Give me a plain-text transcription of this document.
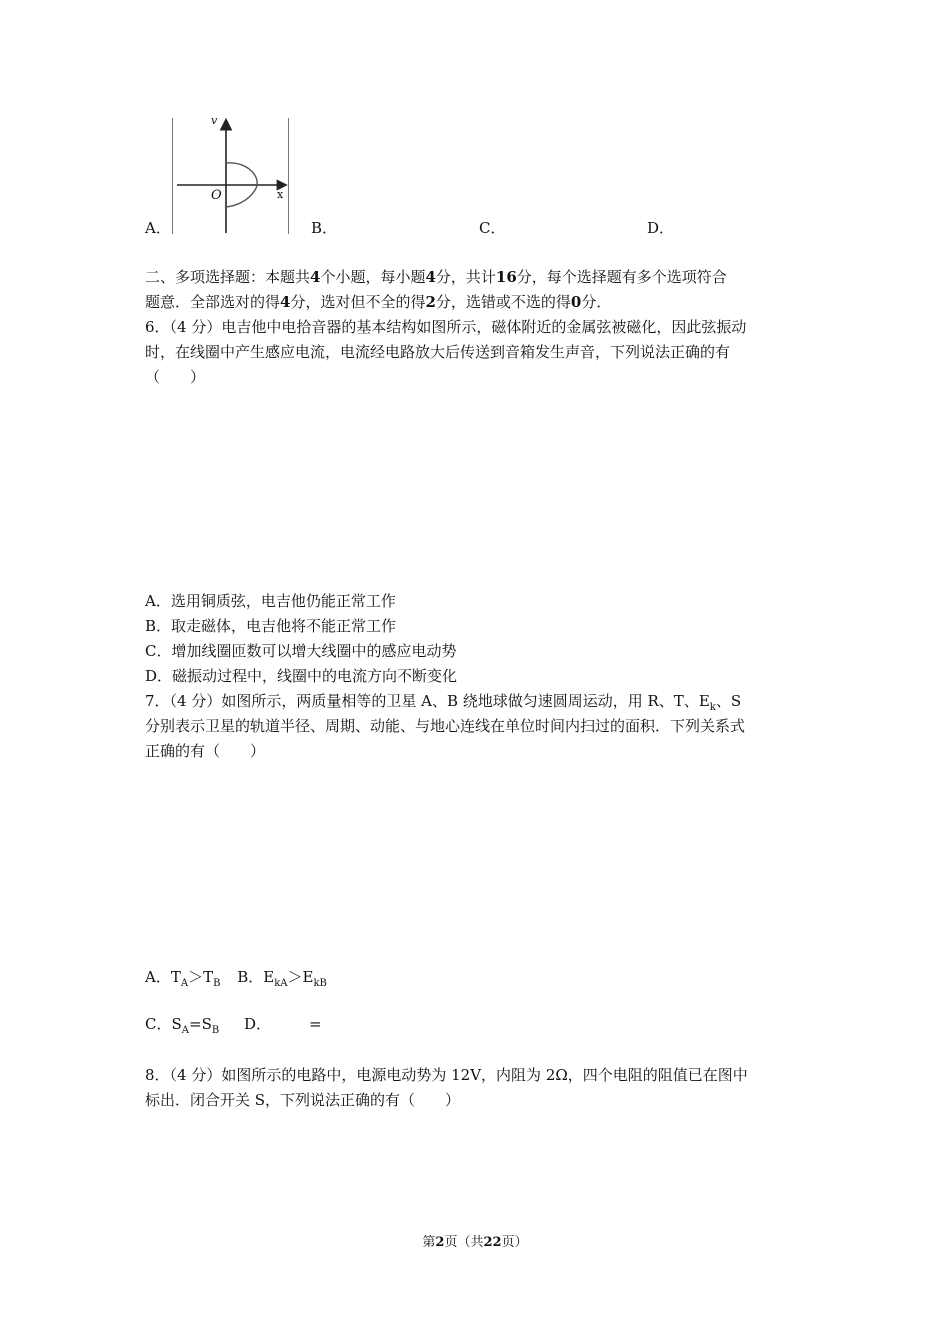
v
x
O
A．	B．	C．	D．
二、多项选择题：本题共4个小题，每小题4分，共计16分，每个选择题有多个选项符合
题意．全部选对的得4分，选对但不全的得2分，选错或不选的得0分．
6．（4 分）电吉他中电拾音器的基本结构如图所示，磁体附近的金属弦被磁化，因此弦振动
时，在线圈中产生感应电流，电流经电路放大后传送到音箱发生声音，下列说法正确的有
（　　）
A．选用铜质弦，电吉他仍能正常工作
B．取走磁体，电吉他将不能正常工作
C．增加线圈匝数可以增大线圈中的感应电动势
D．磁振动过程中，线圈中的电流方向不断变化
7．（4 分）如图所示，两质量相等的卫星 A、B 绕地球做匀速圆周运动，用 R、T、$E_k$、S
分别表示卫星的轨道半径、周期、动能、与地心连线在单位时间内扫过的面积．下列关系式
正确的有（　　）
A．$T_A>T_B$ B．$E_{kA}>E_{kB}$
C．$S_A=S_B$ D．	=
8．（4 分）如图所示的电路中，电源电动势为 12V，内阻为 2Ω，四个电阻的阻值已在图中
标出．闭合开关 S，下列说法正确的有（　　）
第2页（共22页）
